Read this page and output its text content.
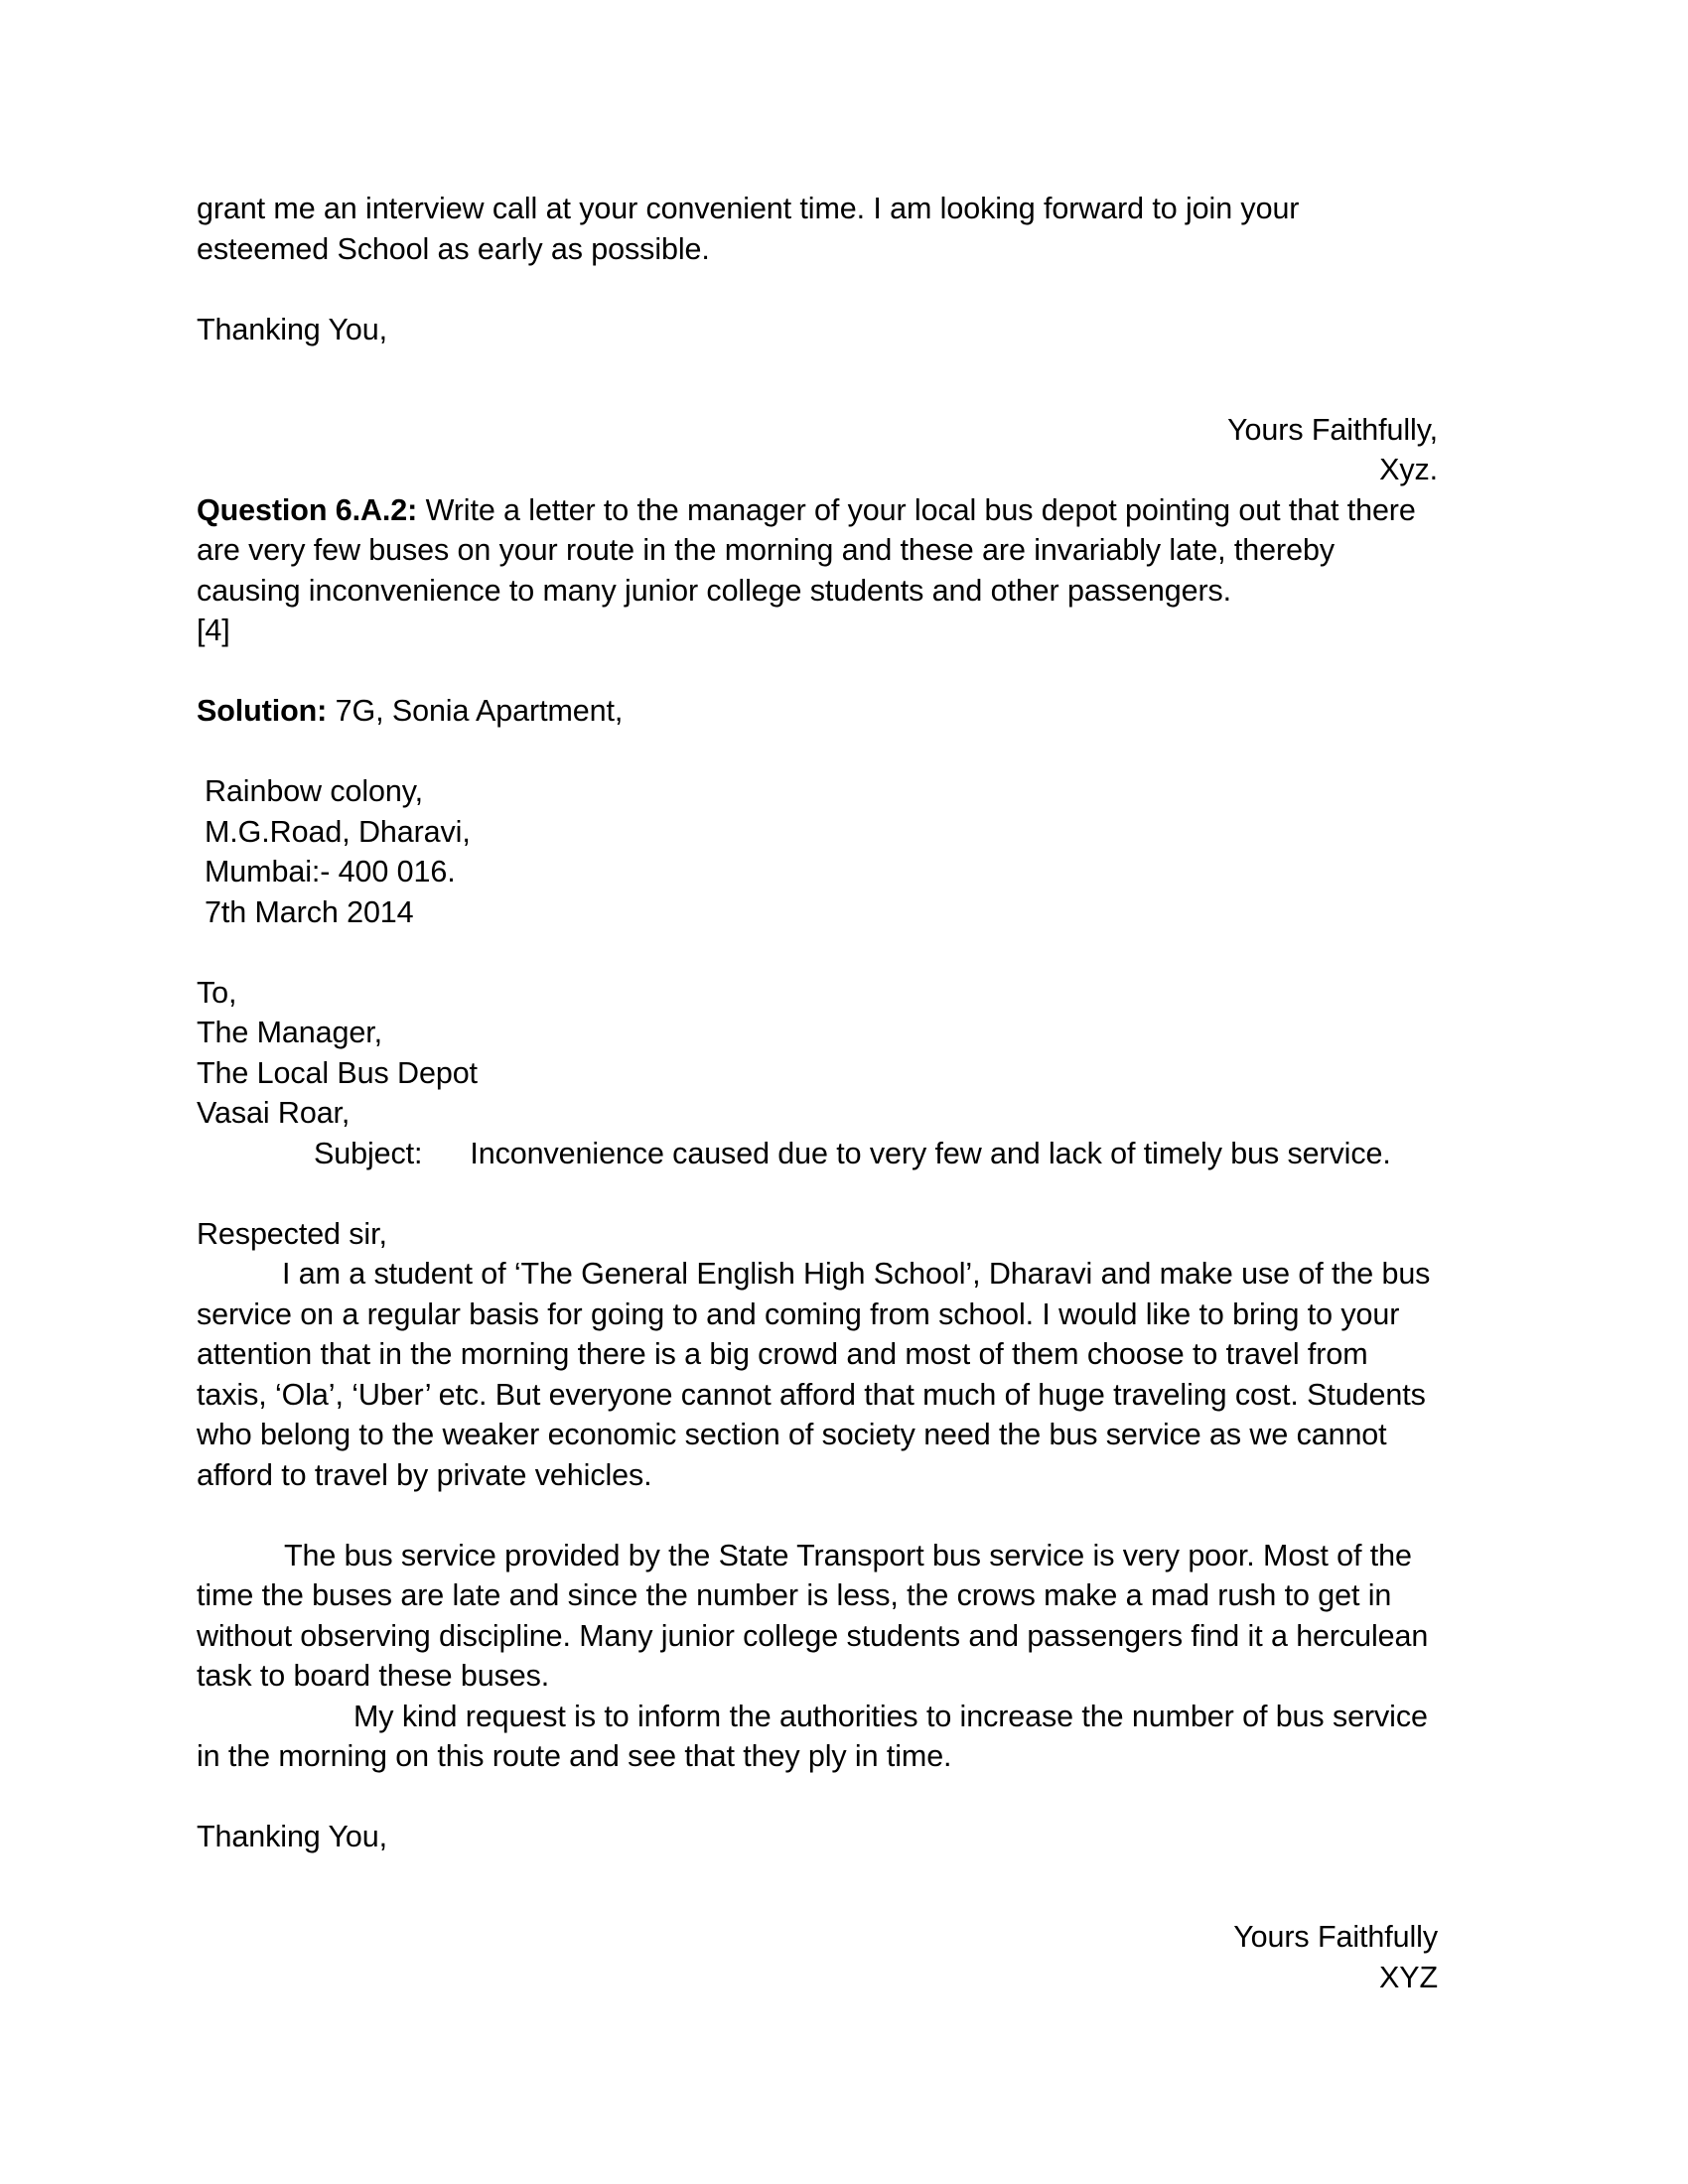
grant me an interview call at your convenient time. I am looking forward to join your esteemed School as early as possible.

Thanking You,

Yours Faithfully,

Xyz.

Question 6.A.2: Write a letter to the manager of your local bus depot pointing out that there are very few buses on your route in the morning and these are invariably late, thereby causing inconvenience to many junior college students and other passengers.

[4]

Solution: 7G, Sonia Apartment,

Rainbow colony,

M.G.Road, Dharavi,

Mumbai:- 400 016.

7th March 2014

To,

The Manager,

The Local Bus Depot

Vasai Roar,

Subject: Inconvenience caused due to very few and lack of timely bus service.

Respected sir,

I am a student of ‘The General English High School’, Dharavi and make use of the bus service on a regular basis for going to and coming from school. I would like to bring to your attention that in the morning there is a big crowd and most of them choose to travel from taxis, ‘Ola’, ‘Uber’ etc. But everyone cannot afford that much of huge traveling cost. Students who belong to the weaker economic section of society need the bus service as we cannot afford to travel by private vehicles.

The bus service provided by the State Transport bus service is very poor. Most of the time the buses are late and since the number is less, the crows make a mad rush to get in without observing discipline. Many junior college students and passengers find it a herculean task to board these buses.

My kind request is to inform the authorities to increase the number of bus service in the morning on this route and see that they ply in time.

Thanking You,

Yours Faithfully

XYZ
